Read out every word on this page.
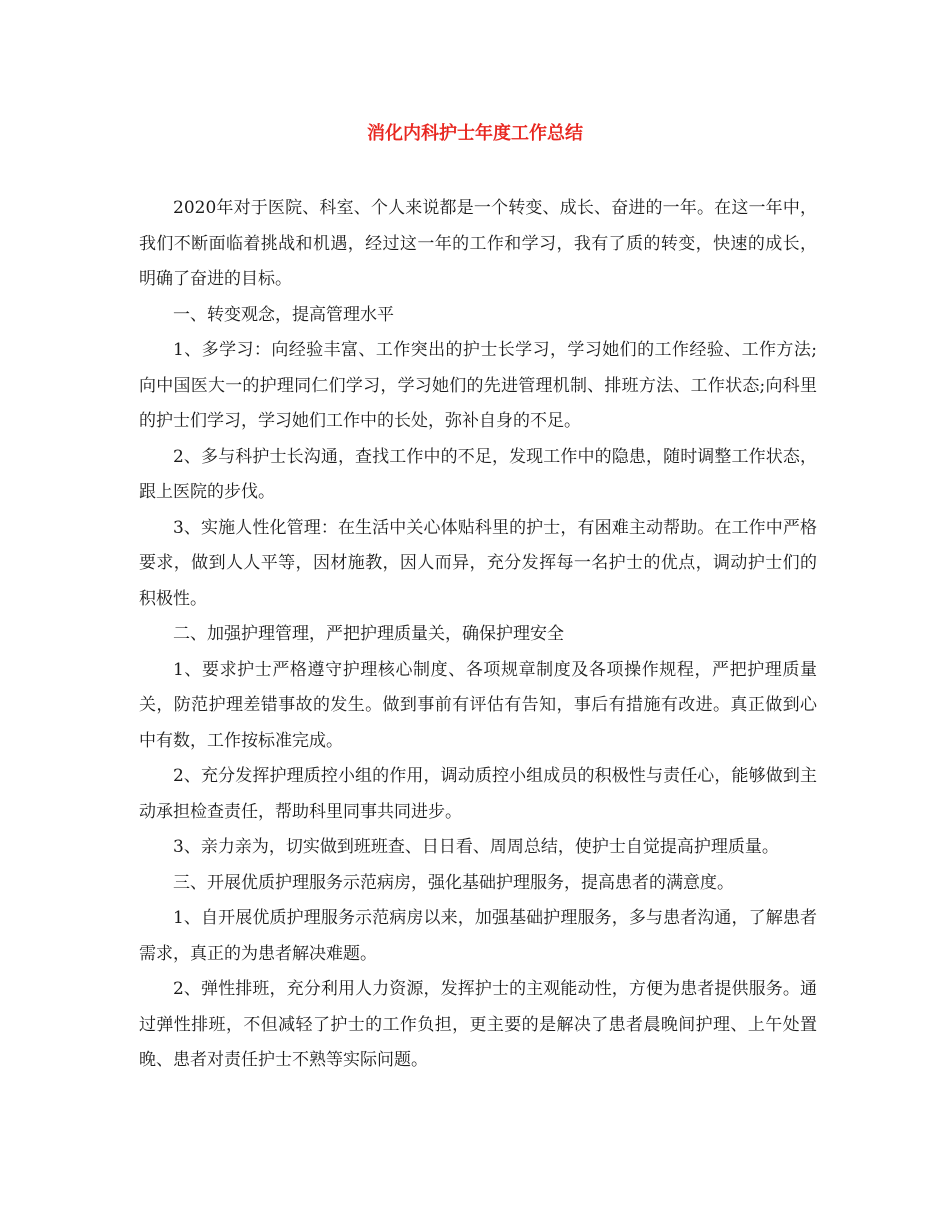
消化内科护士年度工作总结

2020年对于医院、科室、个人来说都是一个转变、成长、奋进的一年。在这一年中，我们不断面临着挑战和机遇，经过这一年的工作和学习，我有了质的转变，快速的成长，明确了奋进的目标。

一、转变观念，提高管理水平

1、多学习：向经验丰富、工作突出的护士长学习，学习她们的工作经验、工作方法;向中国医大一的护理同仁们学习，学习她们的先进管理机制、排班方法、工作状态;向科里的护士们学习，学习她们工作中的长处，弥补自身的不足。

2、多与科护士长沟通，查找工作中的不足，发现工作中的隐患，随时调整工作状态，跟上医院的步伐。

3、实施人性化管理：在生活中关心体贴科里的护士，有困难主动帮助。在工作中严格要求，做到人人平等，因材施教，因人而异，充分发挥每一名护士的优点，调动护士们的积极性。

二、加强护理管理，严把护理质量关，确保护理安全

1、要求护士严格遵守护理核心制度、各项规章制度及各项操作规程，严把护理质量关，防范护理差错事故的发生。做到事前有评估有告知，事后有措施有改进。真正做到心中有数，工作按标准完成。

2、充分发挥护理质控小组的作用，调动质控小组成员的积极性与责任心，能够做到主动承担检查责任，帮助科里同事共同进步。

3、亲力亲为，切实做到班班查、日日看、周周总结，使护士自觉提高护理质量。

三、开展优质护理服务示范病房，强化基础护理服务，提高患者的满意度。

1、自开展优质护理服务示范病房以来，加强基础护理服务，多与患者沟通，了解患者需求，真正的为患者解决难题。

2、弹性排班，充分利用人力资源，发挥护士的主观能动性，方便为患者提供服务。通过弹性排班，不但减轻了护士的工作负担，更主要的是解决了患者晨晚间护理、上午处置晚、患者对责任护士不熟等实际问题。
